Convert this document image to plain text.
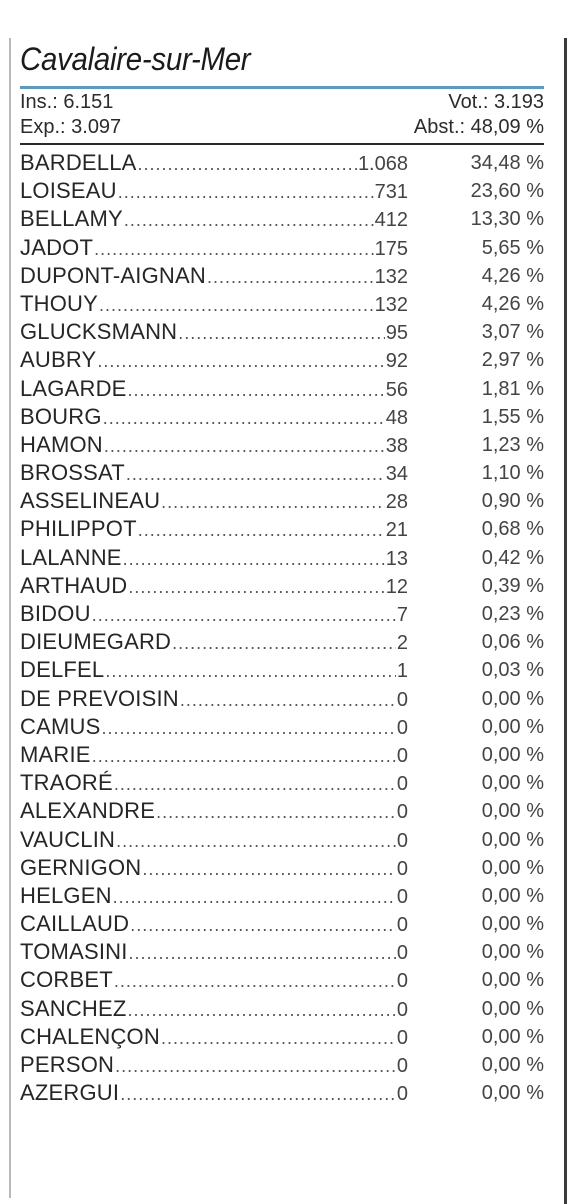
Cavalaire-sur-Mer
Ins.: 6.151	Vot.: 3.193
Exp.: 3.097	Abst.: 48,09 %
BARDELLA .....	1.068	34,48 %
LOISEAU .....	731	23,60 %
BELLAMY .....	412	13,30 %
JADOT .....	175	5,65 %
DUPONT-AIGNAN .....	132	4,26 %
THOUY .....	132	4,26 %
GLUCKSMANN .....	95	3,07 %
AUBRY .....	92	2,97 %
LAGARDE .....	56	1,81 %
BOURG .....	48	1,55 %
HAMON .....	38	1,23 %
BROSSAT .....	34	1,10 %
ASSELINEAU .....	28	0,90 %
PHILIPPOT .....	21	0,68 %
LALANNE .....	13	0,42 %
ARTHAUD .....	12	0,39 %
BIDOU .....	7	0,23 %
DIEUMEGARD .....	2	0,06 %
DELFEL .....	1	0,03 %
DE PREVOISIN .....	0	0,00 %
CAMUS .....	0	0,00 %
MARIE .....	0	0,00 %
TRAORÉ .....	0	0,00 %
ALEXANDRE .....	0	0,00 %
VAUCLIN .....	0	0,00 %
GERNIGON .....	0	0,00 %
HELGEN .....	0	0,00 %
CAILLAUD .....	0	0,00 %
TOMASINI .....	0	0,00 %
CORBET .....	0	0,00 %
SANCHEZ .....	0	0,00 %
CHALENÇON .....	0	0,00 %
PERSON .....	0	0,00 %
AZERGUI .....	0	0,00 %
